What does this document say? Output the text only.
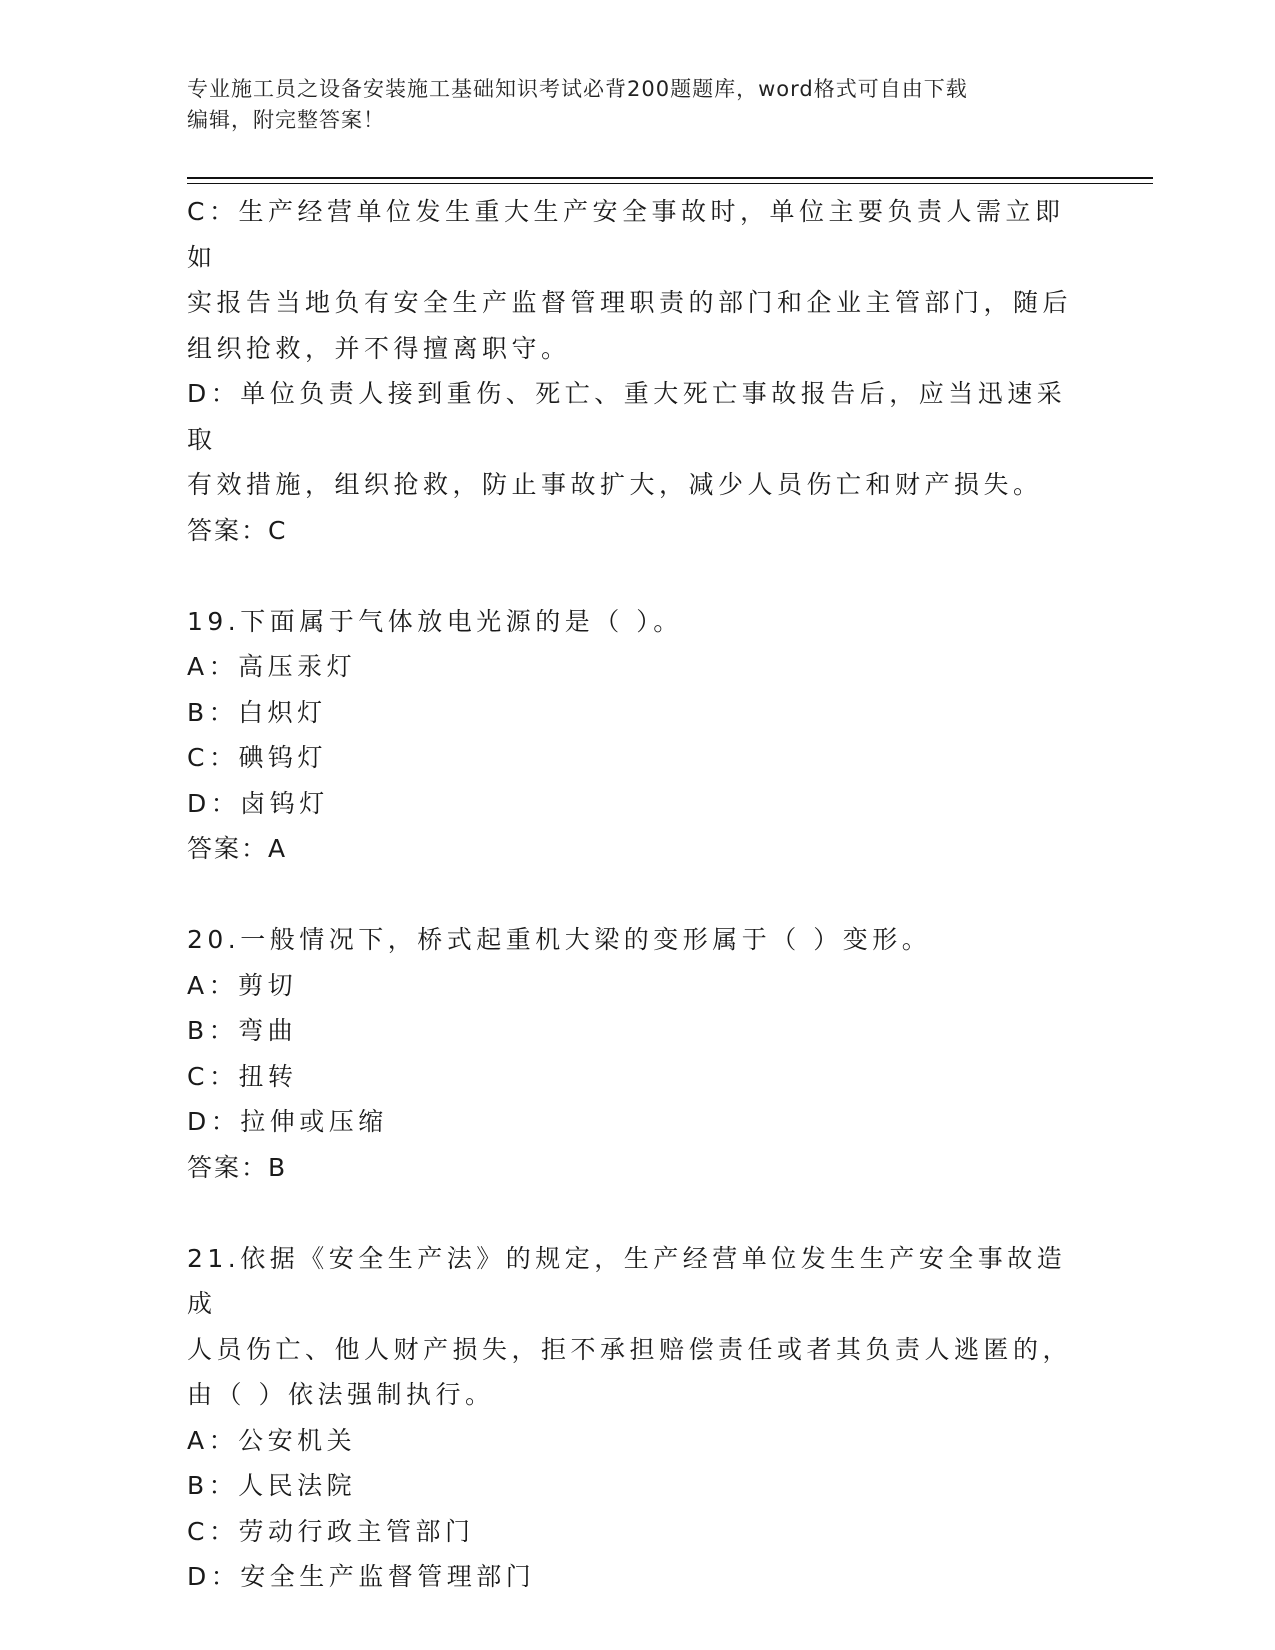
专业施工员之设备安装施工基础知识考试必背200题题库，word格式可自由下载
编辑，附完整答案！

C：生产经营单位发生重大生产安全事故时，单位主要负责人需立即如

实报告当地负有安全生产监督管理职责的部门和企业主管部门，随后

组织抢救，并不得擅离职守。

D：单位负责人接到重伤、死亡、重大死亡事故报告后，应当迅速采取

有效措施，组织抢救，防止事故扩大，减少人员伤亡和财产损失。

答案：C

19.下面属于气体放电光源的是（ ）。

A：高压汞灯

B：白炽灯

C：碘钨灯

D：卤钨灯

答案：A

20.一般情况下，桥式起重机大梁的变形属于（ ）变形。

A：剪切

B：弯曲

C：扭转

D：拉伸或压缩

答案：B

21.依据《安全生产法》的规定，生产经营单位发生生产安全事故造成

人员伤亡、他人财产损失，拒不承担赔偿责任或者其负责人逃匿的，

由（ ）依法强制执行。

A：公安机关

B：人民法院

C：劳动行政主管部门

D：安全生产监督管理部门
